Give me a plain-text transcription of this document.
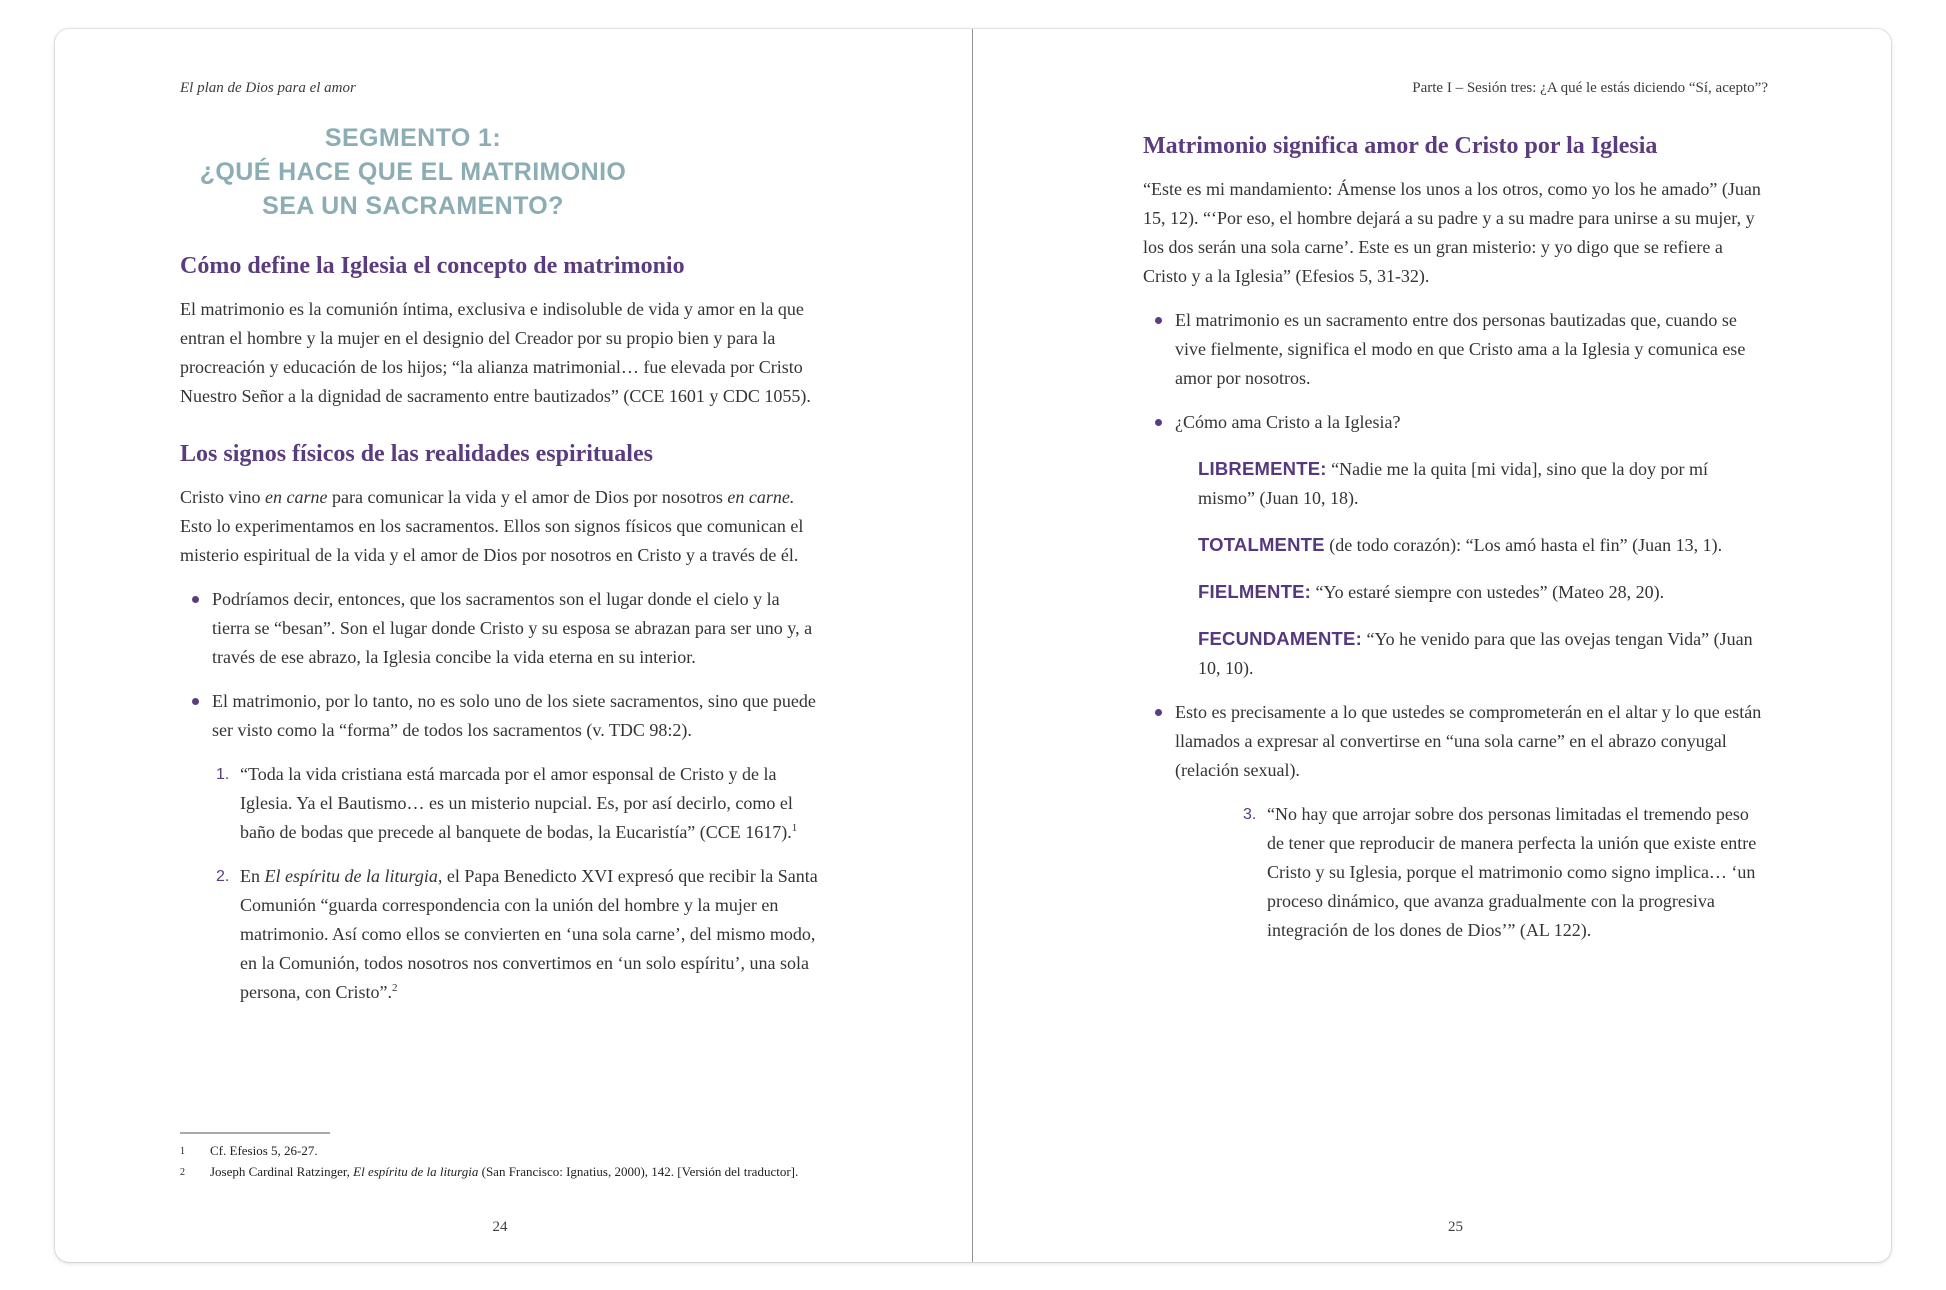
El plan de Dios para el amor
SEGMENTO 1:
¿QUÉ HACE QUE EL MATRIMONIO
SEA UN SACRAMENTO?
Cómo define la Iglesia el concepto de matrimonio
El matrimonio es la comunión íntima, exclusiva e indisoluble de vida y amor en la que entran el hombre y la mujer en el designio del Creador por su propio bien y para la procreación y educación de los hijos; “la alianza matrimonial… fue elevada por Cristo Nuestro Señor a la dignidad de sacramento entre bautizados” (CCE 1601 y CDC 1055).
Los signos físicos de las realidades espirituales
Cristo vino en carne para comunicar la vida y el amor de Dios por nosotros en carne. Esto lo experimentamos en los sacramentos. Ellos son signos físicos que comunican el misterio espiritual de la vida y el amor de Dios por nosotros en Cristo y a través de él.
Podríamos decir, entonces, que los sacramentos son el lugar donde el cielo y la tierra se “besan”. Son el lugar donde Cristo y su esposa se abrazan para ser uno y, a través de ese abrazo, la Iglesia concibe la vida eterna en su interior.
El matrimonio, por lo tanto, no es solo uno de los siete sacramentos, sino que puede ser visto como la “forma” de todos los sacramentos (v. TDC 98:2).
1. “Toda la vida cristiana está marcada por el amor esponsal de Cristo y de la Iglesia. Ya el Bautismo… es un misterio nupcial. Es, por así decirlo, como el baño de bodas que precede al banquete de bodas, la Eucaristía” (CCE 1617).$^1$
2. En El espíritu de la liturgia, el Papa Benedicto XVI expresó que recibir la Santa Comunión “guarda correspondencia con la unión del hombre y la mujer en matrimonio. Así como ellos se convierten en ‘una sola carne’, del mismo modo, en la Comunión, todos nosotros nos convertimos en ‘un solo espíritu’, una sola persona, con Cristo”.$^2$
1	Cf. Efesios 5, 26-27.
2	Joseph Cardinal Ratzinger, El espíritu de la liturgia (San Francisco: Ignatius, 2000), 142. [Versión del traductor].
24
Parte I – Sesión tres: ¿A qué le estás diciendo “Sí, acepto”?
Matrimonio significa amor de Cristo por la Iglesia
“Este es mi mandamiento: Ámense los unos a los otros, como yo los he amado” (Juan 15, 12). “‘Por eso, el hombre dejará a su padre y a su madre para unirse a su mujer, y los dos serán una sola carne’. Este es un gran misterio: y yo digo que se refiere a Cristo y a la Iglesia” (Efesios 5, 31-32).
El matrimonio es un sacramento entre dos personas bautizadas que, cuando se vive fielmente, significa el modo en que Cristo ama a la Iglesia y comunica ese amor por nosotros.
¿Cómo ama Cristo a la Iglesia?
LIBREMENTE: “Nadie me la quita [mi vida], sino que la doy por mí mismo” (Juan 10, 18).
TOTALMENTE (de todo corazón): “Los amó hasta el fin” (Juan 13, 1).
FIELMENTE: “Yo estaré siempre con ustedes” (Mateo 28, 20).
FECUNDAMENTE: “Yo he venido para que las ovejas tengan Vida” (Juan 10, 10).
Esto es precisamente a lo que ustedes se comprometerán en el altar y lo que están llamados a expresar al convertirse en “una sola carne” en el abrazo conyugal (relación sexual).
3. “No hay que arrojar sobre dos personas limitadas el tremendo peso de tener que reproducir de manera perfecta la unión que existe entre Cristo y su Iglesia, porque el matrimonio como signo implica… ‘un proceso dinámico, que avanza gradualmente con la progresiva integración de los dones de Dios’” (AL 122).
25
